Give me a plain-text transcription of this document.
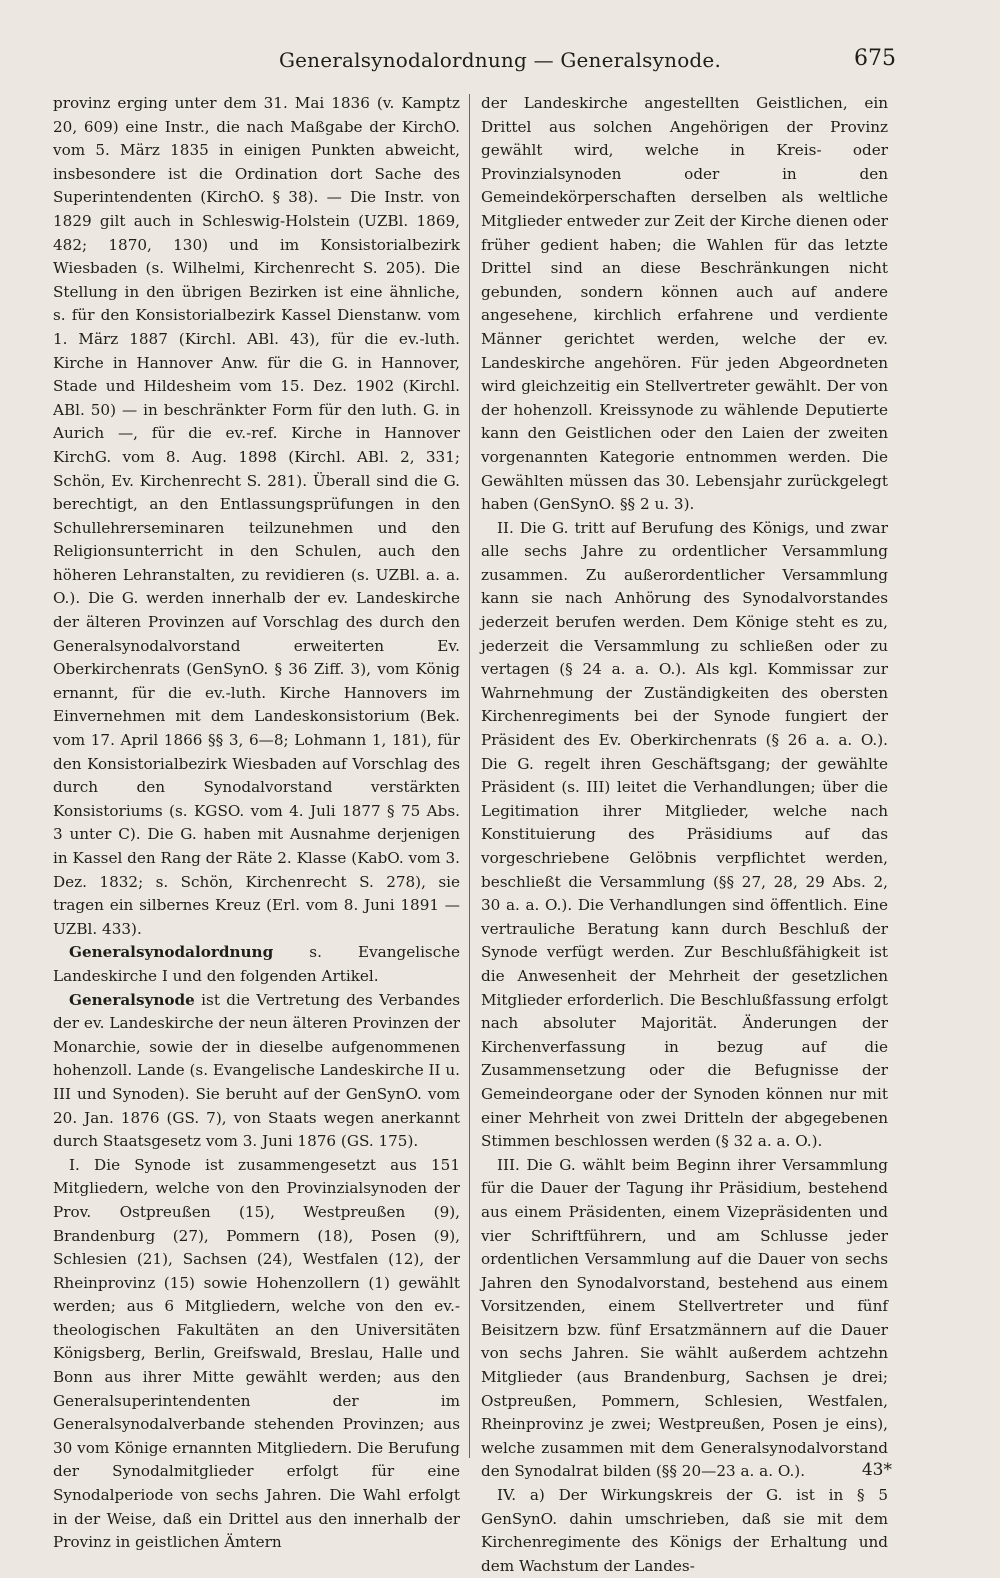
Generalsynodalordnung — Generalsynode.	675

provinz erging unter dem 31. Mai 1836 (v. Kamptz 20, 609) eine Instr., die nach Maßgabe der KirchO. vom 5. März 1835 in einigen Punkten abweicht, insbesondere ist die Ordination dort Sache des Superintendenten (KirchO. § 38). — Die Instr. von 1829 gilt auch in Schleswig-Holstein (UZBl. 1869, 482; 1870, 130) und im Konsistorialbezirk Wiesbaden (s. Wilhelmi, Kirchenrecht S. 205). Die Stellung in den übrigen Bezirken ist eine ähnliche, s. für den Konsistorialbezirk Kassel Dienstanw. vom 1. März 1887 (Kirchl. ABl. 43), für die ev.-luth. Kirche in Hannover Anw. für die G. in Hannover, Stade und Hildesheim vom 15. Dez. 1902 (Kirchl. ABl. 50) — in beschränkter Form für den luth. G. in Aurich —, für die ev.-ref. Kirche in Hannover KirchG. vom 8. Aug. 1898 (Kirchl. ABl. 2, 331; Schön, Ev. Kirchenrecht S. 281). Überall sind die G. berechtigt, an den Entlassungsprüfungen in den Schullehrerseminaren teilzunehmen und den Religionsunterricht in den Schulen, auch den höheren Lehranstalten, zu revidieren (s. UZBl. a. a. O.). Die G. werden innerhalb der ev. Landeskirche der älteren Provinzen auf Vorschlag des durch den Generalsynodalvorstand erweiterten Ev. Oberkirchenrats (GenSynO. § 36 Ziff. 3), vom König ernannt, für die ev.-luth. Kirche Hannovers im Einvernehmen mit dem Landeskonsistorium (Bek. vom 17. April 1866 §§ 3, 6—8; Lohmann 1, 181), für den Konsistorialbezirk Wiesbaden auf Vorschlag des durch den Synodalvorstand verstärkten Konsistoriums (s. KGSO. vom 4. Juli 1877 § 75 Abs. 3 unter C). Die G. haben mit Ausnahme derjenigen in Kassel den Rang der Räte 2. Klasse (KabO. vom 3. Dez. 1832; s. Schön, Kirchenrecht S. 278), sie tragen ein silbernes Kreuz (Erl. vom 8. Juni 1891 — UZBl. 433).

Generalsynodalordnung s. Evangelische Landeskirche I und den folgenden Artikel.

Generalsynode ist die Vertretung des Verbandes der ev. Landeskirche der neun älteren Provinzen der Monarchie, sowie der in dieselbe aufgenommenen hohenzoll. Lande (s. Evangelische Landeskirche II u. III und Synoden). Sie beruht auf der GenSynO. vom 20. Jan. 1876 (GS. 7), von Staats wegen anerkannt durch Staatsgesetz vom 3. Juni 1876 (GS. 175).

I. Die Synode ist zusammengesetzt aus 151 Mitgliedern, welche von den Provinzialsynoden der Prov. Ostpreußen (15), Westpreußen (9), Brandenburg (27), Pommern (18), Posen (9), Schlesien (21), Sachsen (24), Westfalen (12), der Rheinprovinz (15) sowie Hohenzollern (1) gewählt werden; aus 6 Mitgliedern, welche von den ev.-theologischen Fakultäten an den Universitäten Königsberg, Berlin, Greifswald, Breslau, Halle und Bonn aus ihrer Mitte gewählt werden; aus den Generalsuperintendenten der im Generalsynodalverbande stehenden Provinzen; aus 30 vom Könige ernannten Mitgliedern. Die Berufung der Synodalmitglieder erfolgt für eine Synodalperiode von sechs Jahren. Die Wahl erfolgt in der Weise, daß ein Drittel aus den innerhalb der Provinz in geistlichen Ämtern

der Landeskirche angestellten Geistlichen, ein Drittel aus solchen Angehörigen der Provinz gewählt wird, welche in Kreis- oder Provinzialsynoden oder in den Gemeindekörperschaften derselben als weltliche Mitglieder entweder zur Zeit der Kirche dienen oder früher gedient haben; die Wahlen für das letzte Drittel sind an diese Beschränkungen nicht gebunden, sondern können auch auf andere angesehene, kirchlich erfahrene und verdiente Männer gerichtet werden, welche der ev. Landeskirche angehören. Für jeden Abgeordneten wird gleichzeitig ein Stellvertreter gewählt. Der von der hohenzoll. Kreissynode zu wählende Deputierte kann den Geistlichen oder den Laien der zweiten vorgenannten Kategorie entnommen werden. Die Gewählten müssen das 30. Lebensjahr zurückgelegt haben (GenSynO. §§ 2 u. 3).

II. Die G. tritt auf Berufung des Königs, und zwar alle sechs Jahre zu ordentlicher Versammlung zusammen. Zu außerordentlicher Versammlung kann sie nach Anhörung des Synodalvorstandes jederzeit berufen werden. Dem Könige steht es zu, jederzeit die Versammlung zu schließen oder zu vertagen (§ 24 a. a. O.). Als kgl. Kommissar zur Wahrnehmung der Zuständigkeiten des obersten Kirchenregiments bei der Synode fungiert der Präsident des Ev. Oberkirchenrats (§ 26 a. a. O.). Die G. regelt ihren Geschäftsgang; der gewählte Präsident (s. III) leitet die Verhandlungen; über die Legitimation ihrer Mitglieder, welche nach Konstituierung des Präsidiums auf das vorgeschriebene Gelöbnis verpflichtet werden, beschließt die Versammlung (§§ 27, 28, 29 Abs. 2, 30 a. a. O.). Die Verhandlungen sind öffentlich. Eine vertrauliche Beratung kann durch Beschluß der Synode verfügt werden. Zur Beschlußfähigkeit ist die Anwesenheit der Mehrheit der gesetzlichen Mitglieder erforderlich. Die Beschlußfassung erfolgt nach absoluter Majorität. Änderungen der Kirchenverfassung in bezug auf die Zusammensetzung oder die Befugnisse der Gemeindeorgane oder der Synoden können nur mit einer Mehrheit von zwei Dritteln der abgegebenen Stimmen beschlossen werden (§ 32 a. a. O.).

III. Die G. wählt beim Beginn ihrer Versammlung für die Dauer der Tagung ihr Präsidium, bestehend aus einem Präsidenten, einem Vizepräsidenten und vier Schriftführern, und am Schlusse jeder ordentlichen Versammlung auf die Dauer von sechs Jahren den Synodalvorstand, bestehend aus einem Vorsitzenden, einem Stellvertreter und fünf Beisitzern bzw. fünf Ersatzmännern auf die Dauer von sechs Jahren. Sie wählt außerdem achtzehn Mitglieder (aus Brandenburg, Sachsen je drei; Ostpreußen, Pommern, Schlesien, Westfalen, Rheinprovinz je zwei; Westpreußen, Posen je eins), welche zusammen mit dem Generalsynodalvorstand den Synodalrat bilden (§§ 20—23 a. a. O.).

IV. a) Der Wirkungskreis der G. ist in § 5 GenSynO. dahin umschrieben, daß sie mit dem Kirchenregimente des Königs der Erhaltung und dem Wachstum der Landes-

43*
